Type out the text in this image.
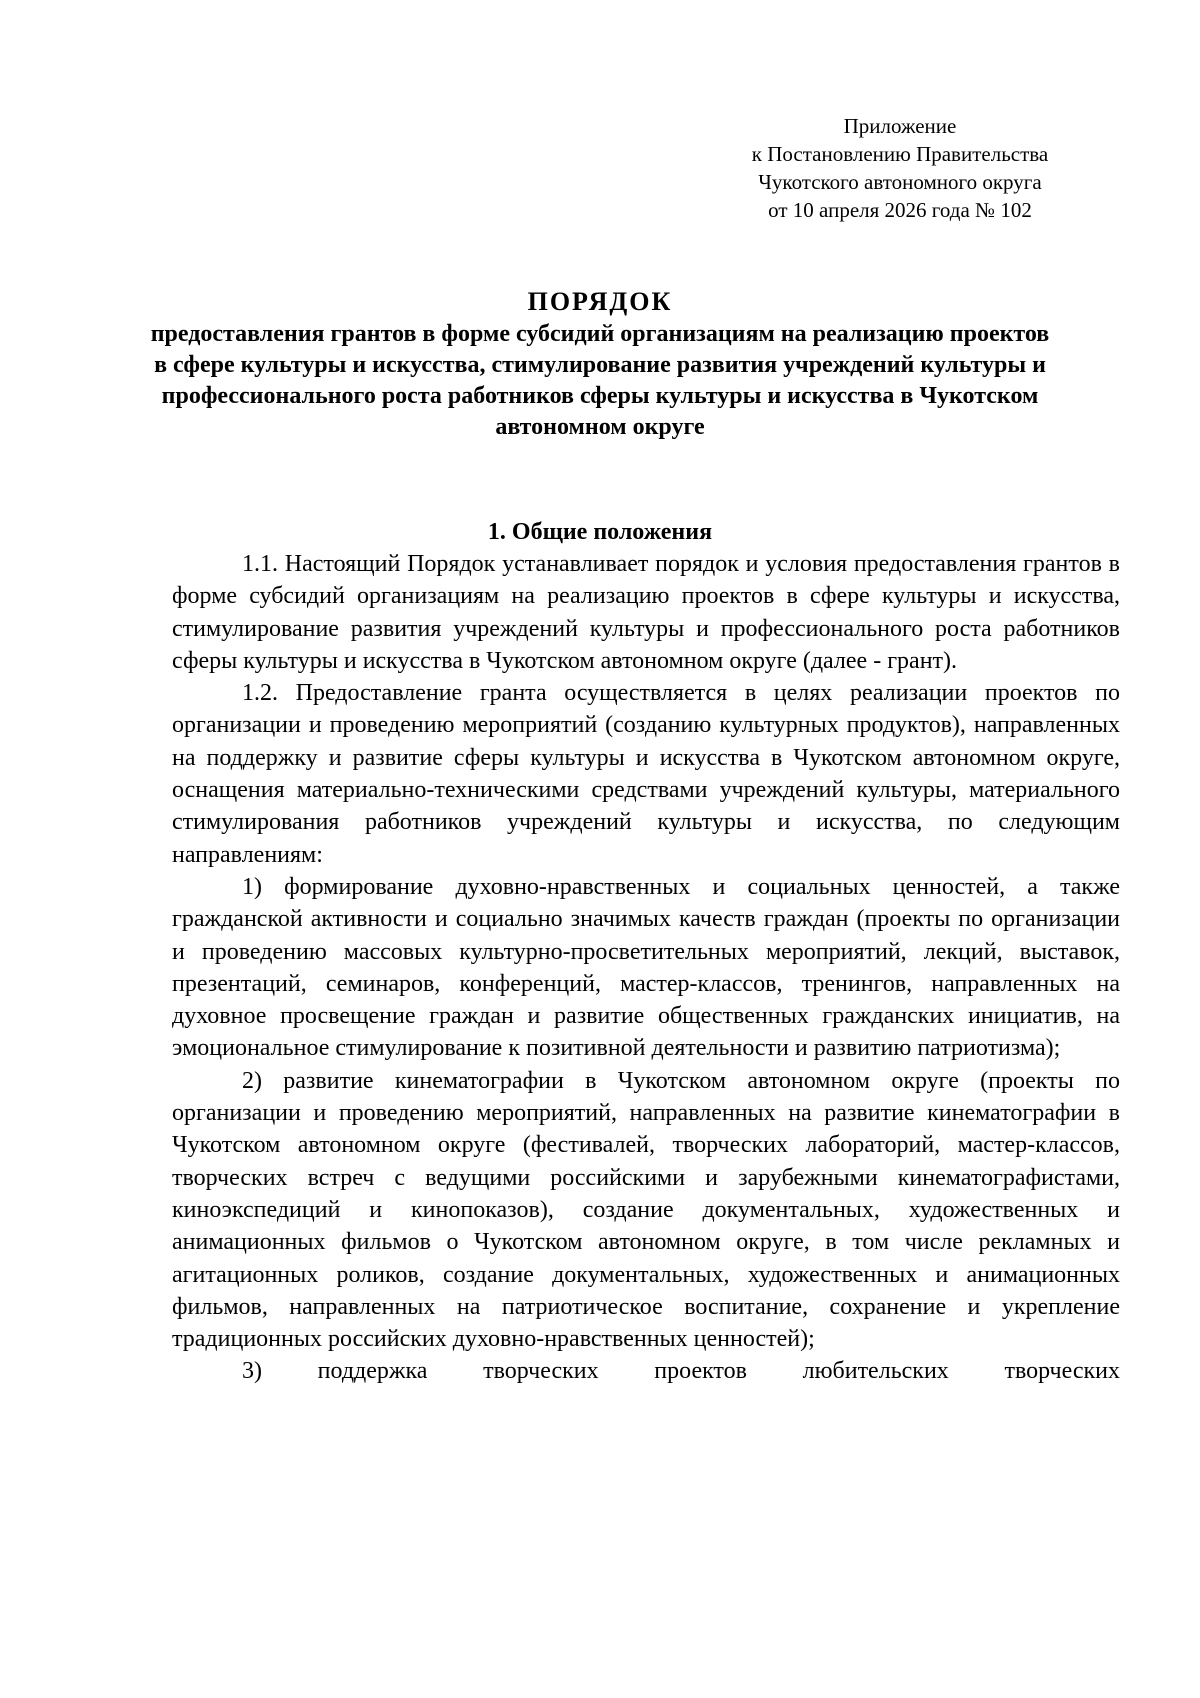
Приложение
к Постановлению Правительства
Чукотского автономного округа
от 10 апреля 2026 года № 102
ПОРЯДОК
предоставления грантов в форме субсидий организациям на реализацию проектов в сфере культуры и искусства, стимулирование развития учреждений культуры и профессионального роста работников сферы культуры и искусства в Чукотском автономном округе
1. Общие положения

1.1. Настоящий Порядок устанавливает порядок и условия предоставления грантов в форме субсидий организациям на реализацию проектов в сфере культуры и искусства, стимулирование развития учреждений культуры и профессионального роста работников сферы культуры и искусства в Чукотском автономном округе (далее - грант).

1.2. Предоставление гранта осуществляется в целях реализации проектов по организации и проведению мероприятий (созданию культурных продуктов), направленных на поддержку и развитие сферы культуры и искусства в Чукотском автономном округе, оснащения материально-техническими средствами учреждений культуры, материального стимулирования работников учреждений культуры и искусства, по следующим направлениям:

1) формирование духовно-нравственных и социальных ценностей, а также гражданской активности и социально значимых качеств граждан (проекты по организации и проведению массовых культурно-просветительных мероприятий, лекций, выставок, презентаций, семинаров, конференций, мастер-классов, тренингов, направленных на духовное просвещение граждан и развитие общественных гражданских инициатив, на эмоциональное стимулирование к позитивной деятельности и развитию патриотизма);

2) развитие кинематографии в Чукотском автономном округе (проекты по организации и проведению мероприятий, направленных на развитие кинематографии в Чукотском автономном округе (фестивалей, творческих лабораторий, мастер-классов, творческих встреч с ведущими российскими и зарубежными кинематографистами, киноэкспедиций и кинопоказов), создание документальных, художественных и анимационных фильмов о Чукотском автономном округе, в том числе рекламных и агитационных роликов, создание документальных, художественных и анимационных фильмов, направленных на патриотическое воспитание, сохранение и укрепление традиционных российских духовно-нравственных ценностей);

3) поддержка творческих проектов любительских творческих
